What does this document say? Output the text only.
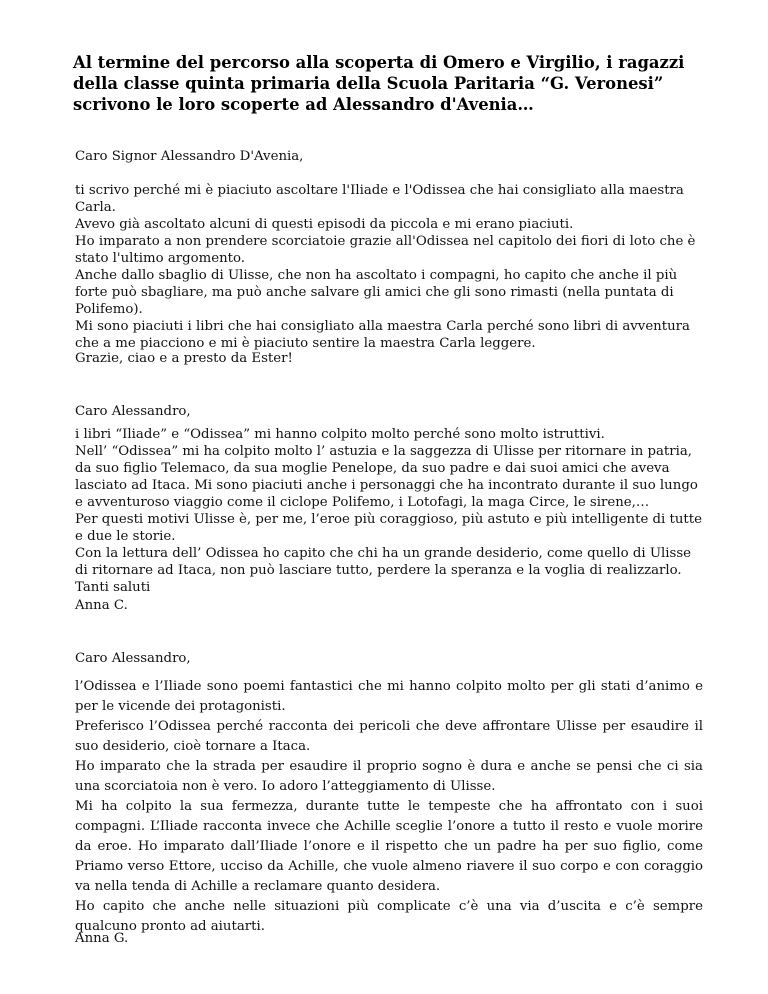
Al termine del percorso alla scoperta di Omero e Virgilio, i ragazzi della classe quinta primaria della Scuola Paritaria “G. Veronesi” scrivono le loro scoperte ad Alessandro d'Avenia…

Caro Signor Alessandro D'Avenia,

ti scrivo perché mi è piaciuto ascoltare l'Iliade e l'Odissea che hai consigliato alla maestra Carla.

Avevo già ascoltato alcuni di questi episodi da piccola e mi erano piaciuti.

Ho imparato a non prendere scorciatoie grazie all'Odissea nel capitolo dei fiori di loto che è stato l'ultimo argomento.

Anche dallo sbaglio di Ulisse, che non ha ascoltato i compagni, ho capito che anche il più forte può sbagliare, ma può anche salvare gli amici che gli sono rimasti (nella puntata di Polifemo).

Mi sono piaciuti i libri che hai consigliato alla maestra Carla perché sono libri di avventura che a me piacciono e mi è piaciuto sentire la maestra Carla leggere.

Grazie, ciao e a presto da Ester!

Caro Alessandro,

i libri “Iliade” e “Odissea” mi hanno colpito molto perché sono molto istruttivi.

Nell’ “Odissea” mi ha colpito molto l’ astuzia e la saggezza di Ulisse per ritornare in patria, da suo figlio Telemaco, da sua moglie Penelope, da suo padre e dai suoi amici che aveva lasciato ad Itaca. Mi sono piaciuti anche i personaggi che ha incontrato durante il suo lungo e avventuroso viaggio come il ciclope Polifemo, i Lotofagi, la maga Circe, le sirene,…

Per questi motivi Ulisse è, per me, l’eroe più coraggioso, più astuto e più intelligente di tutte e due le storie.

Con la lettura dell’ Odissea ho capito che chi ha un grande desiderio, come quello di Ulisse di ritornare ad Itaca, non può lasciare tutto, perdere la speranza e la voglia di realizzarlo.

Tanti saluti

Anna C.

Caro Alessandro,

l’Odissea e l’Iliade sono poemi fantastici che mi hanno colpito molto per gli stati d’animo e per le vicende dei protagonisti.

Preferisco l’Odissea perché racconta dei pericoli che deve affrontare Ulisse per esaudire il suo desiderio, cioè tornare a Itaca.

Ho imparato che la strada per esaudire il proprio sogno è dura e anche se pensi che ci sia una scorciatoia non è vero. Io adoro l’atteggiamento di Ulisse.

Mi ha colpito la sua fermezza, durante tutte le tempeste che ha affrontato con i suoi compagni. L’Iliade racconta invece che Achille sceglie l’onore a tutto il resto e vuole morire da eroe. Ho imparato dall’Iliade l’onore e il rispetto che un padre ha per suo figlio, come Priamo verso Ettore, ucciso da Achille, che vuole almeno riavere il suo corpo e con coraggio va nella tenda di Achille a reclamare quanto desidera.

Ho capito che anche nelle situazioni più complicate c’è una via d’uscita e c’è sempre qualcuno pronto ad aiutarti.

Anna G.
